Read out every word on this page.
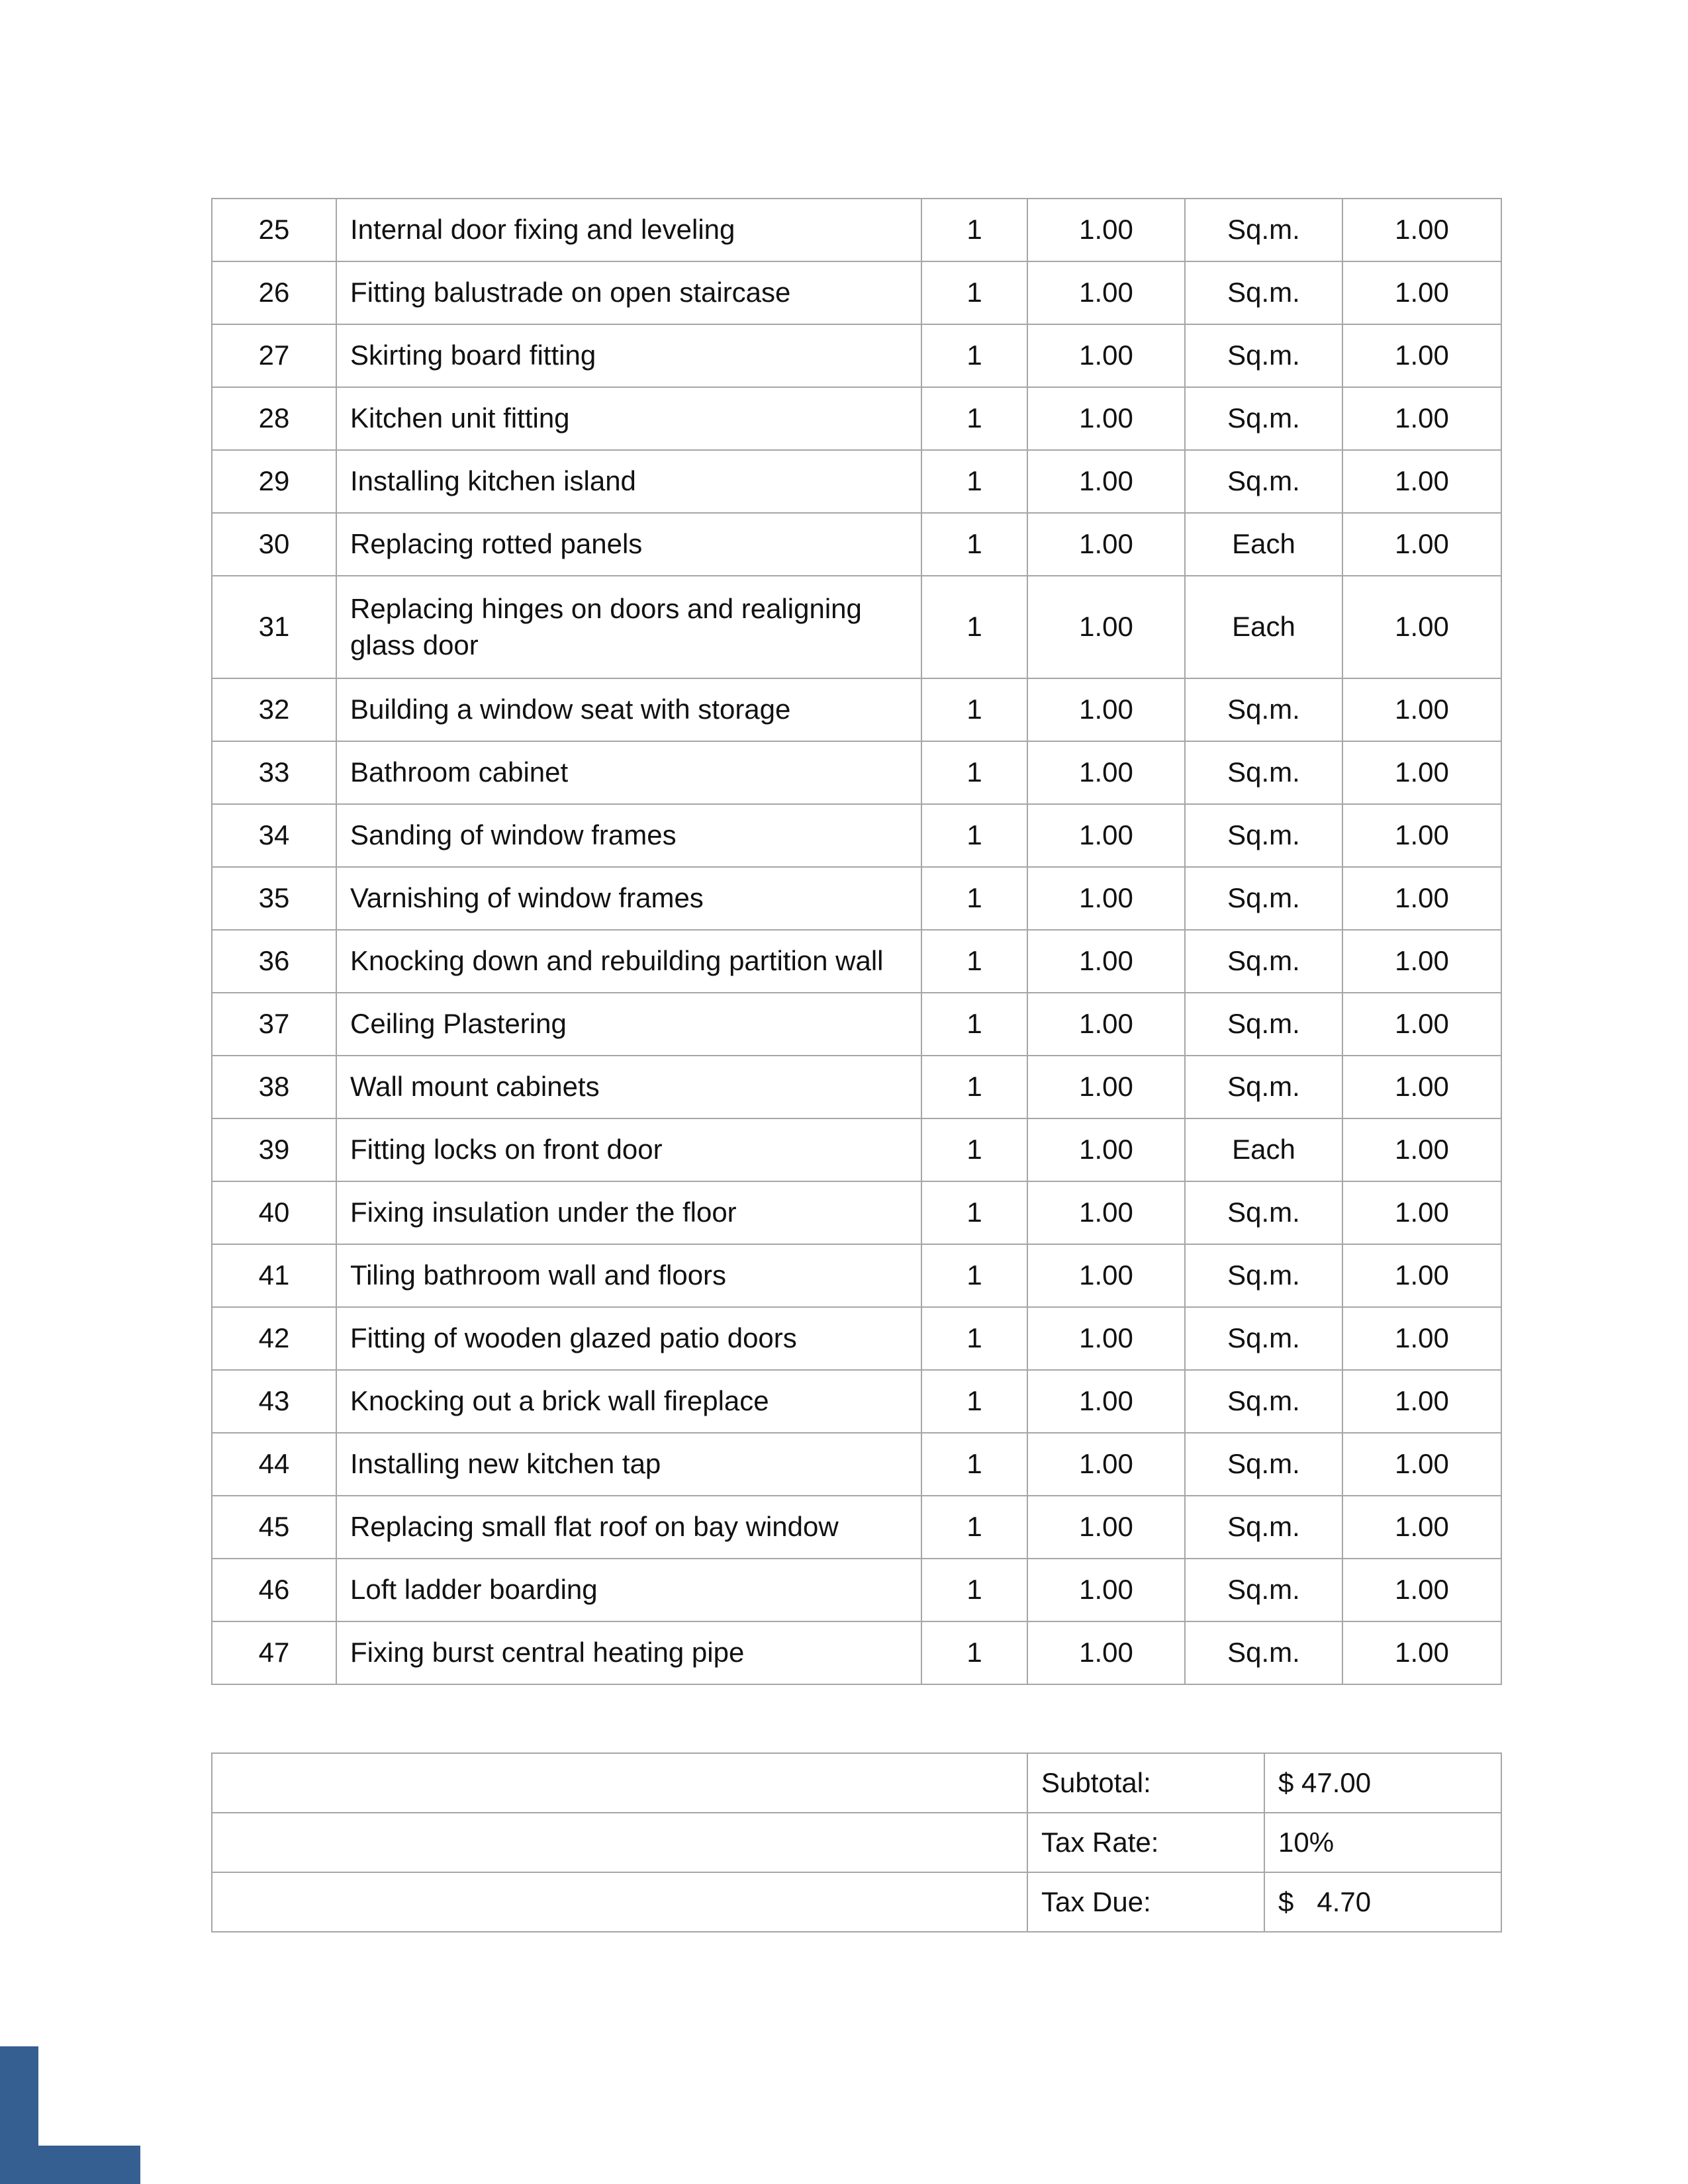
25	Internal door fixing and leveling	1	1.00	Sq.m.	1.00
26	Fitting balustrade on open staircase	1	1.00	Sq.m.	1.00
27	Skirting board fitting	1	1.00	Sq.m.	1.00
28	Kitchen unit fitting	1	1.00	Sq.m.	1.00
29	Installing kitchen island	1	1.00	Sq.m.	1.00
30	Replacing rotted panels	1	1.00	Each	1.00
31	Replacing hinges on doors and realigning glass door	1	1.00	Each	1.00
32	Building a window seat with storage	1	1.00	Sq.m.	1.00
33	Bathroom cabinet	1	1.00	Sq.m.	1.00
34	Sanding of window frames	1	1.00	Sq.m.	1.00
35	Varnishing of window frames	1	1.00	Sq.m.	1.00
36	Knocking down and rebuilding partition wall	1	1.00	Sq.m.	1.00
37	Ceiling Plastering	1	1.00	Sq.m.	1.00
38	Wall mount cabinets	1	1.00	Sq.m.	1.00
39	Fitting locks on front door	1	1.00	Each	1.00
40	Fixing insulation under the floor	1	1.00	Sq.m.	1.00
41	Tiling bathroom wall and floors	1	1.00	Sq.m.	1.00
42	Fitting of wooden glazed patio doors	1	1.00	Sq.m.	1.00
43	Knocking out a brick wall fireplace	1	1.00	Sq.m.	1.00
44	Installing new kitchen tap	1	1.00	Sq.m.	1.00
45	Replacing small flat roof on bay window	1	1.00	Sq.m.	1.00
46	Loft ladder boarding	1	1.00	Sq.m.	1.00
47	Fixing burst central heating pipe	1	1.00	Sq.m.	1.00
	Subtotal:	$ 47.00
	Tax Rate:	10%
	Tax Due:	$   4.70
